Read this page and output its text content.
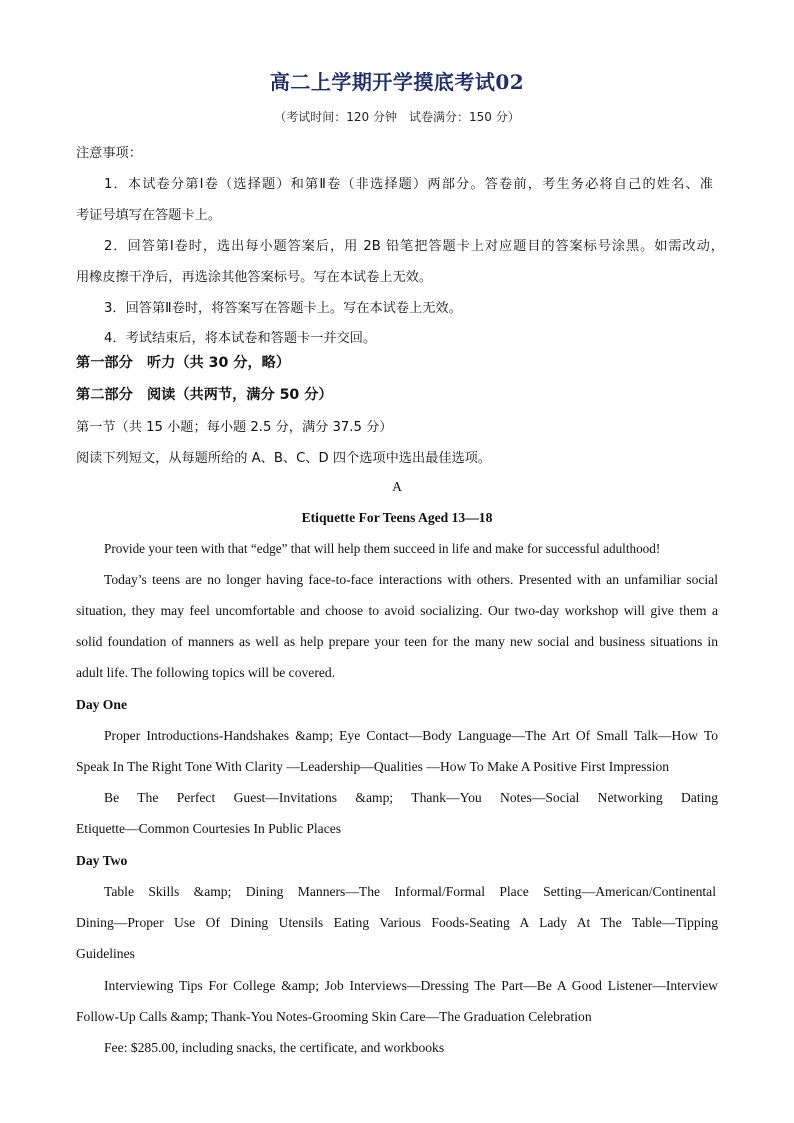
高二上学期开学摸底考试02
（考试时间：120 分钟　试卷满分：150 分）
注意事项：
1．本试卷分第Ⅰ卷（选择题）和第Ⅱ卷（非选择题）两部分。答卷前，考生务必将自己的姓名、准
考证号填写在答题卡上。
2．回答第Ⅰ卷时，选出每小题答案后，用 2B 铅笔把答题卡上对应题目的答案标号涂黑。如需改动，
用橡皮擦干净后，再选涂其他答案标号。写在本试卷上无效。
3．回答第Ⅱ卷时，将答案写在答题卡上。写在本试卷上无效。
4．考试结束后，将本试卷和答题卡一并交回。
第一部分　听力（共 30 分，略）
第二部分　阅读（共两节，满分 50 分）
第一节（共 15 小题；每小题 2.5 分，满分 37.5 分）
阅读下列短文，从每题所给的 A、B、C、D 四个选项中选出最佳选项。
A
Etiquette For Teens Aged 13—18
Provide your teen with that “edge” that will help them succeed in life and make for successful adulthood!
Today’s teens are no longer having face-to-face interactions with others. Presented with an unfamiliar social
situation, they may feel uncomfortable and choose to avoid socializing. Our two-day workshop will give them a
solid foundation of manners as well as help prepare your teen for the many new social and business situations in
adult life. The following topics will be covered.
Day One
Proper Introductions-Handshakes &amp; Eye Contact—Body Language—The Art Of Small Talk—How To
Speak In The Right Tone With Clarity —Leadership—Qualities —How To Make A Positive First Impression
Be The Perfect Guest—Invitations &amp; Thank—You Notes—Social Networking Dating
Etiquette—Common Courtesies In Public Places
Day Two
Table Skills &amp; Dining Manners—The Informal/Formal Place Setting—American/Continental
Dining—Proper Use Of Dining Utensils Eating Various Foods-Seating A Lady At The Table—Tipping
Guidelines
Interviewing Tips For College &amp; Job Interviews—Dressing The Part—Be A Good Listener—Interview
Follow-Up Calls &amp; Thank-You Notes-Grooming Skin Care—The Graduation Celebration
Fee: $285.00, including snacks, the certificate, and workbooks
